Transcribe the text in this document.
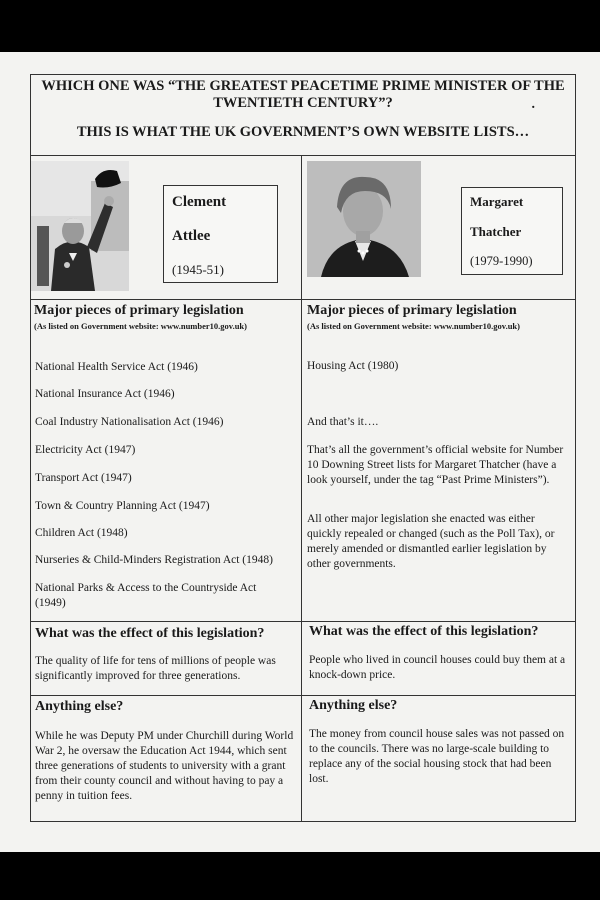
WHICH ONE WAS “THE GREATEST PEACETIME PRIME MINISTER OF THE TWENTIETH CENTURY”?	.
THIS IS WHAT THE UK GOVERNMENT’S OWN WEBSITE LISTS…
Clement
Attlee
(1945-51)
Margaret
Thatcher
(1979-1990)
Major pieces of primary legislation
(As listed on Government website: www.number10.gov.uk)
National Health Service Act (1946)
National Insurance Act (1946)
Coal Industry Nationalisation Act (1946)
Electricity Act (1947)
Transport Act (1947)
Town & Country Planning Act (1947)
Children Act (1948)
Nurseries & Child-Minders Registration Act (1948)
National Parks & Access to the Countryside Act (1949)
Major pieces of primary legislation
(As listed on Government website: www.number10.gov.uk)
Housing Act (1980)
And that’s it….
That’s all the government’s official website for Number 10 Downing Street lists for Margaret Thatcher (have a look yourself, under the tag “Past Prime Ministers”).
All other major legislation she enacted was either quickly repealed or changed (such as the Poll Tax), or merely amended or dismantled earlier legislation by other governments.
What was the effect of this legislation?
The quality of life for tens of millions of people was significantly improved for three generations.
What was the effect of this legislation?
People who lived in council houses could buy them at a knock-down price.
Anything else?
While he was Deputy PM under Churchill during World War 2, he oversaw the Education Act 1944, which sent three generations of students to university with a grant from their county council and without having to pay a penny in tuition fees.
Anything else?
The money from council house sales was not passed on to the councils. There was no large-scale building to replace any of the social housing stock that had been lost.
